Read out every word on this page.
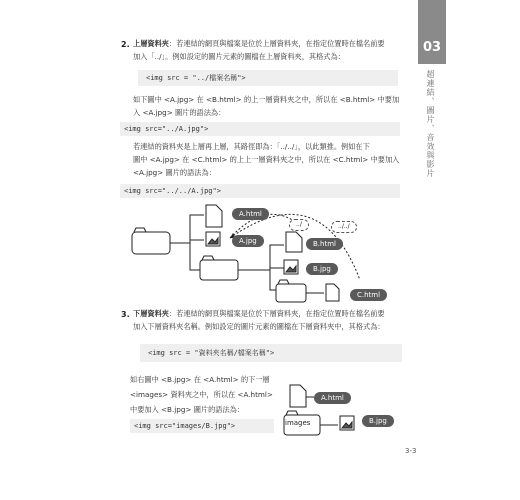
03
超連結、圖片、音效與影片
2. 上層資料夾：若連結的網頁與檔案是位於上層資料夾，在指定位置時在檔名前要
加入「../」。例如設定的圖片元素的圖檔在上層資料夾，其格式為：
<img src = "../檔案名稱">
如下圖中 <A.jpg> 在 <B.html> 的上一層資料夾之中，所以在 <B.html> 中要加
入 <A.jpg> 圖片的語法為：
<img src="../A.jpg">
若連結的資料夾是上層再上層，其路徑即為：「../../」，以此類推。例如在下
圖中 <A.jpg> 在 <C.html> 的上上一層資料夾之中，所以在 <C.html> 中要加入
<A.jpg> 圖片的語法為：
<img src="../../A.jpg">
A.html
A.jpg	B.html
B.jpg
C.html
../	../../
3. 下層資料夾：若連結的網頁與檔案是位於下層資料夾，在指定位置時在檔名前要
加入下層資料夾名稱。例如設定的圖片元素的圖檔在下層資料夾中，其格式為：
<img src = "資料夾名稱/檔案名稱">
如右圖中 <B.jpg> 在 <A.html> 的下一層
<images> 資料夾之中，所以在 <A.html>
中要加入 <B.jpg> 圖片的語法為：
<img src="images/B.jpg">
A.html
images	B.jpg
3-3
